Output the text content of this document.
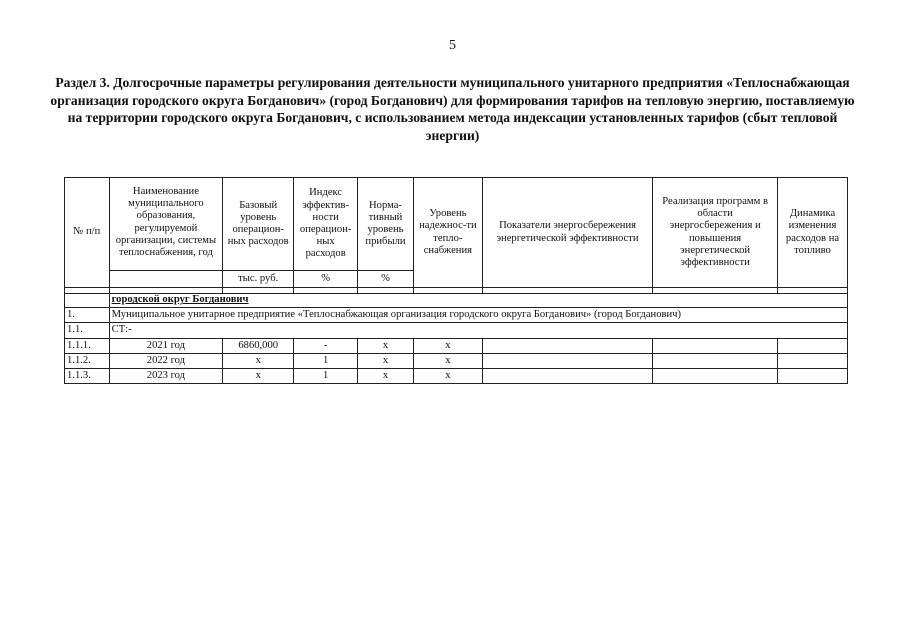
5
Раздел 3. Долгосрочные параметры регулирования деятельности муниципального унитарного предприятия «Теплоснабжающая организация городского округа Богданович» (город Богданович) для формирования тарифов на тепловую энергию, поставляемую на территории городского округа Богданович, с использованием метода индексации установленных тарифов (сбыт тепловой энергии)
№ п/п	Наименование муниципального образования, регулируемой организации, системы теплоснабжения, год	Базовый уровень операцион-ных расходов	Индекс эффектив-ности операцион-ных расходов	Норма-тивный уровень прибыли	Уровень надежнос-ти тепло-снабжения	Показатели энергосбережения энергетической эффективности	Реализация программ в области энергосбережения и повышения энергетической эффективности	Динамика изменения расходов на топливо
		тыс. руб.	%	%				

	городской округ Богданович							
1.	Муниципальное унитарное предприятие «Теплоснабжающая организация городского округа Богданович» (город Богданович)							
1.1.	СТ:-							
1.1.1.	2021 год	6860,000	-	x	x			
1.1.2.	2022 год	x	1	x	x			
1.1.3.	2023 год	x	1	x	x			
